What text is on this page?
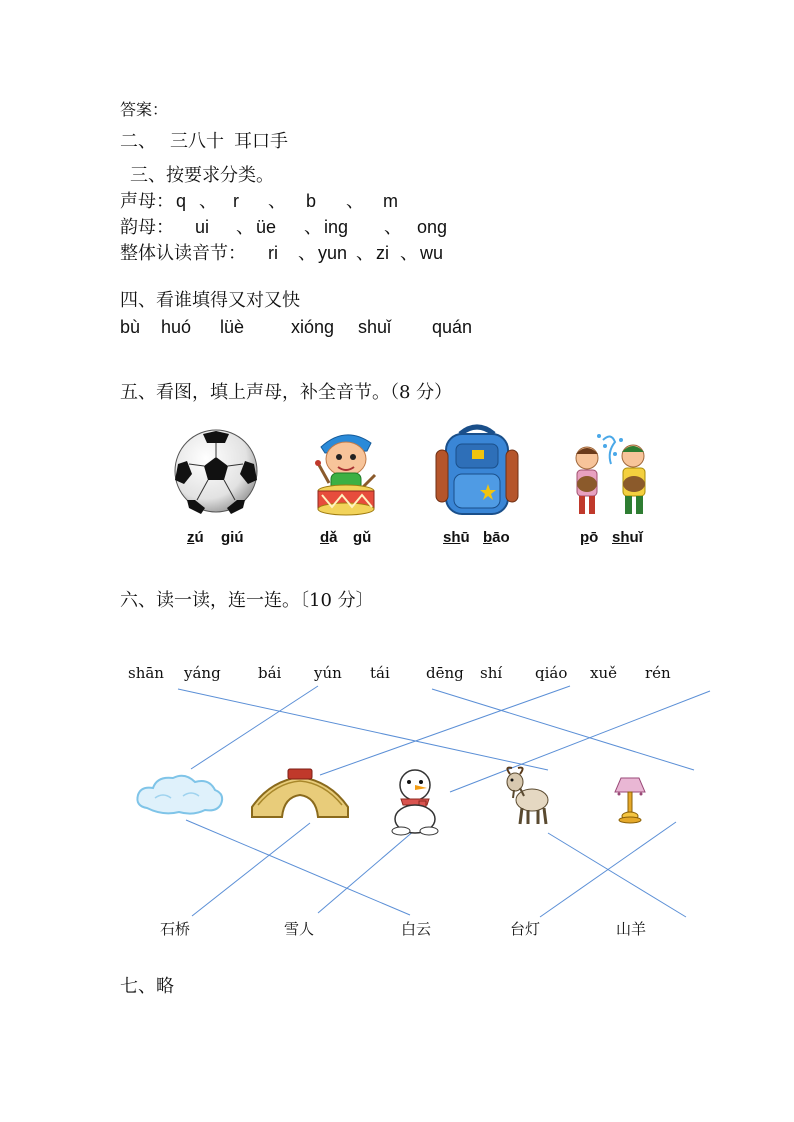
答案：
二、 三八十  耳口手
三、按要求分类。
声母： q 、 r 、 b 、 m
韵母： ui 、 üe 、 ing 、 ong
整体认读音节： ri 、 yun 、 zi 、 wu
四、看谁填得又对又快
bù huó lüè	xióng shuǐ quán
五、看图，填上声母，补全音节。（8 分）
zú giú	dǎ gǔ	shū bāo	pō shuǐ
六、读一读，连一连。〔10 分〕
shān yáng bái yún tái dēng shí qiáo xuě rén
石桥	雪人	白云	台灯	山羊
七、略
